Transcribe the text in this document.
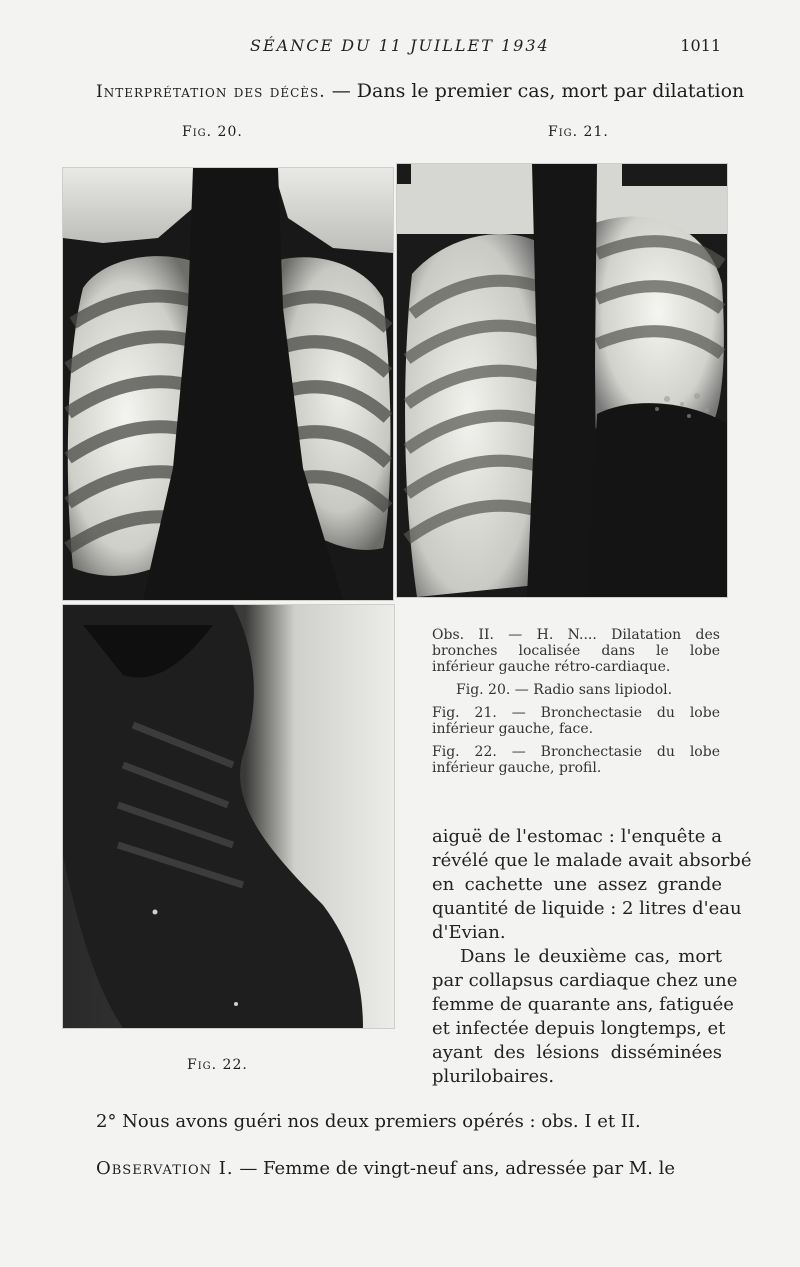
SÉANCE DU 11 JUILLET 1934	1011
Interprétation des décès. — Dans le premier cas, mort par dilatation
Fig. 20.	Fig. 21.
Fig. 22.

Obs. II. — H. N.... Dilatation des bronches localisée dans le lobe inférieur gauche rétro-cardiaque.

Fig. 20. — Radio sans lipiodol.

Fig. 21. — Bronchectasie du lobe inférieur gauche, face.

Fig. 22. — Bronchectasie du lobe inférieur gauche, profil.

aiguë de l'estomac : l'enquête a
révélé que le malade avait absorbé
en cachette une assez grande
quantité de liquide : 2 litres d'eau
d'Evian.
Dans le deuxième cas, mort
par collapsus cardiaque chez une
femme de quarante ans, fatiguée
et infectée depuis longtemps, et
ayant des lésions disséminées
plurilobaires.
2° Nous avons guéri nos deux premiers opérés : obs. I et II.
Observation I. — Femme de vingt-neuf ans, adressée par M. le
